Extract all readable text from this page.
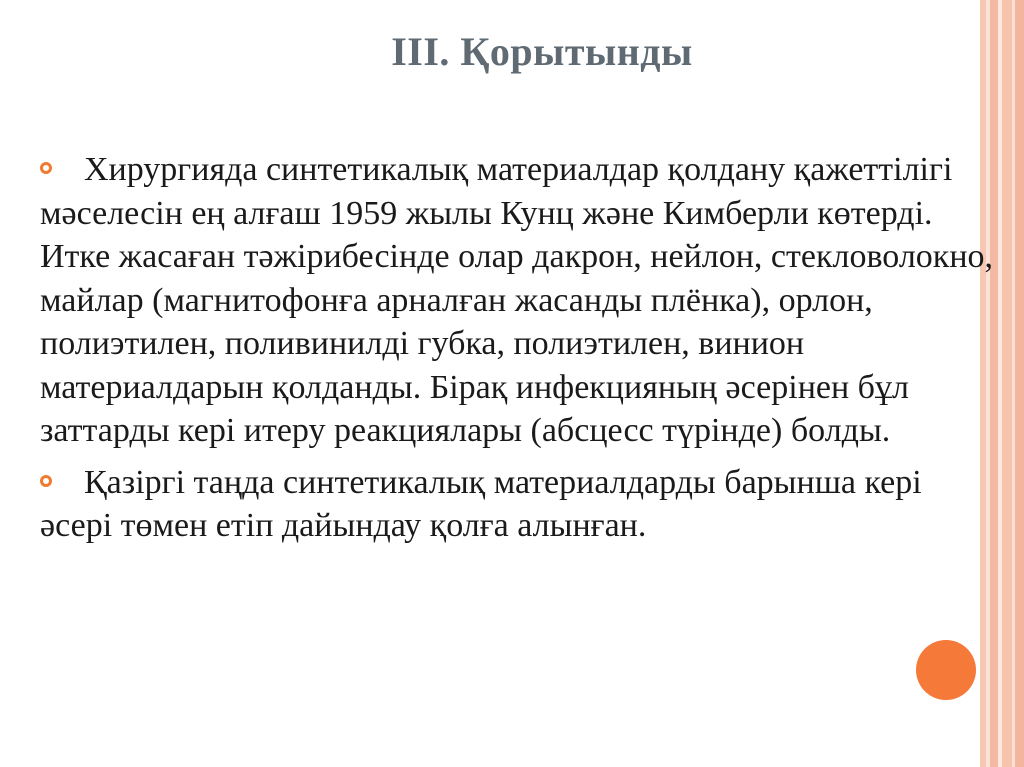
III. Қорытынды

Хирургияда синтетикалық материалдар қолдану қажеттілігі мәселесін ең алғаш 1959 жылы Кунц және Кимберли көтерді. Итке жасаған тәжірибесінде олар дакрон, нейлон, стекловолокно, майлар (магнитофонға арналған жасанды плёнка), орлон, полиэтилен, поливинилді губка, полиэтилен, винион материалдарын қолданды. Бірақ инфекцияның әсерінен бұл заттарды кері итеру реакциялары (абсцесс түрінде) болды.

Қазіргі таңда синтетикалық материалдарды барынша кері әсері төмен етіп дайындау қолға алынған.
